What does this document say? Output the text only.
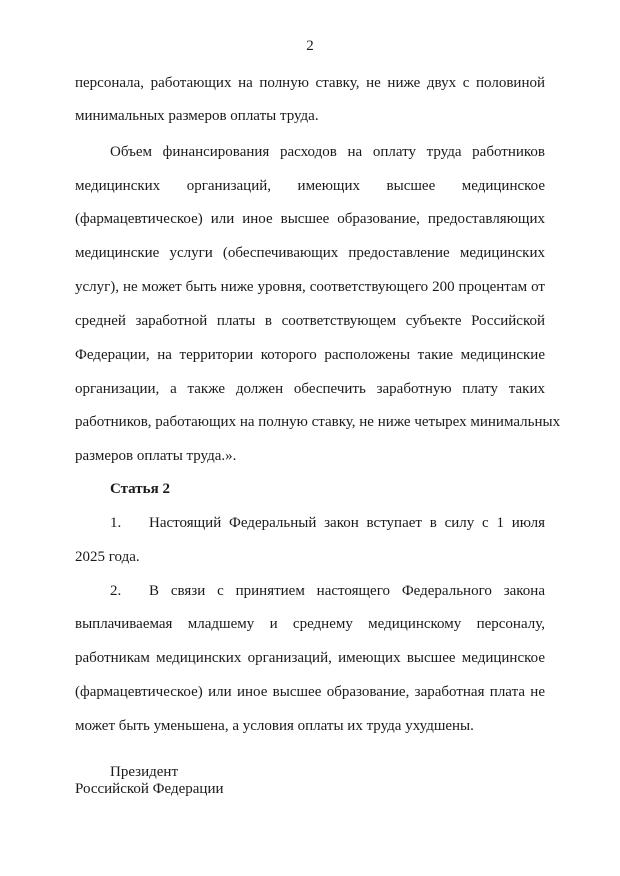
2
персонала, работающих на полную ставку, не ниже двух с половиной
минимальных размеров оплаты труда.
Объем финансирования расходов на оплату труда работников
медицинских организаций, имеющих высшее медицинское
(фармацевтическое) или иное высшее образование, предоставляющих
медицинские услуги (обеспечивающих предоставление медицинских
услуг), не может быть ниже уровня, соответствующего 200 процентам от
средней заработной платы в соответствующем субъекте Российской
Федерации, на территории которого расположены такие медицинские
организации, а также должен обеспечить заработную плату таких
работников, работающих на полную ставку, не ниже четырех минимальных
размеров оплаты труда.».
Статья 2
1. Настоящий Федеральный закон вступает в силу с 1 июля
2025 года.
2. В связи с принятием настоящего Федерального закона
выплачиваемая младшему и среднему медицинскому персоналу,
работникам медицинских организаций, имеющих высшее медицинское
(фармацевтическое) или иное высшее образование, заработная плата не
может быть уменьшена, а условия оплаты их труда ухудшены.
Президент
Российской Федерации
